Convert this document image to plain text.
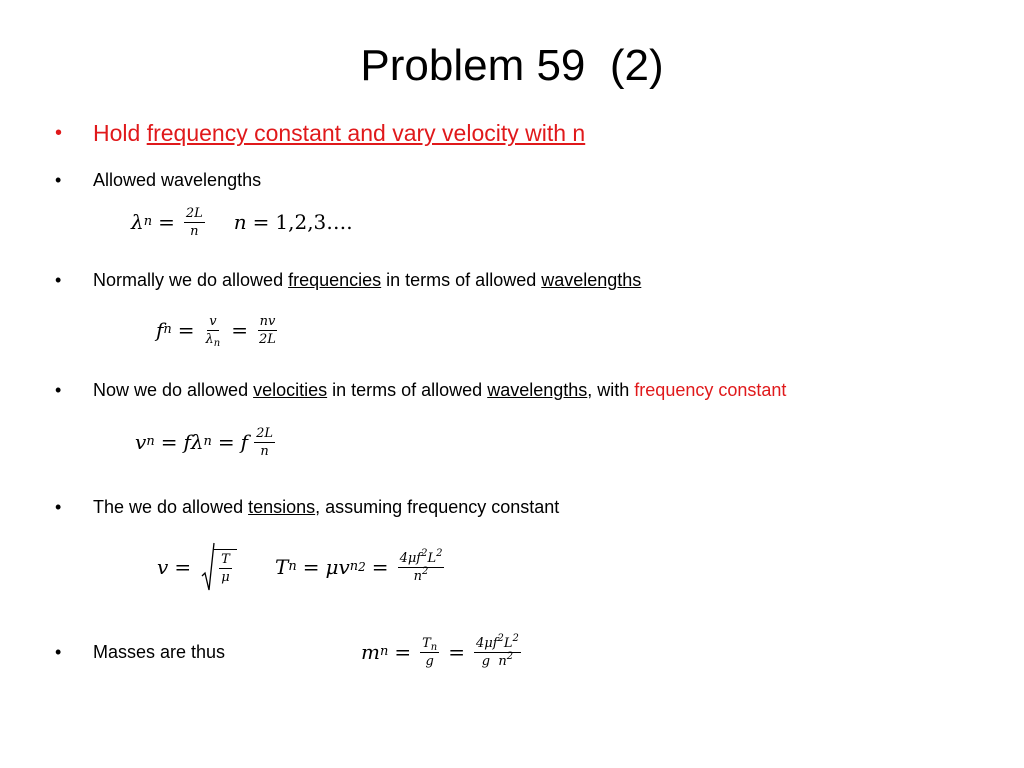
Problem 59  (2)
• Hold frequency constant and vary velocity with n
• Allowed wavelengths
λ $n = \frac{2L}{n}$ n = 1,2,3….
• Normally we do allowed frequencies in terms of allowed wavelengths
f $n = \frac{v}{\lambda_n} = \frac{nv}{2L}$
• Now we do allowed velocities in terms of allowed wavelengths, with frequency constant
v n = fλ n = f $\frac{2L}{n}$
• The we do allowed tensions, assuming frequency constant
$v = \frac{T}{\mu}$ T n = μv n $2 = \frac{4\mu f^2L^2}{n^2}$
• Masses are thus	m $n = \frac{T_n}{g} = \frac{4\mu f^2L^2}{g n^2}$
